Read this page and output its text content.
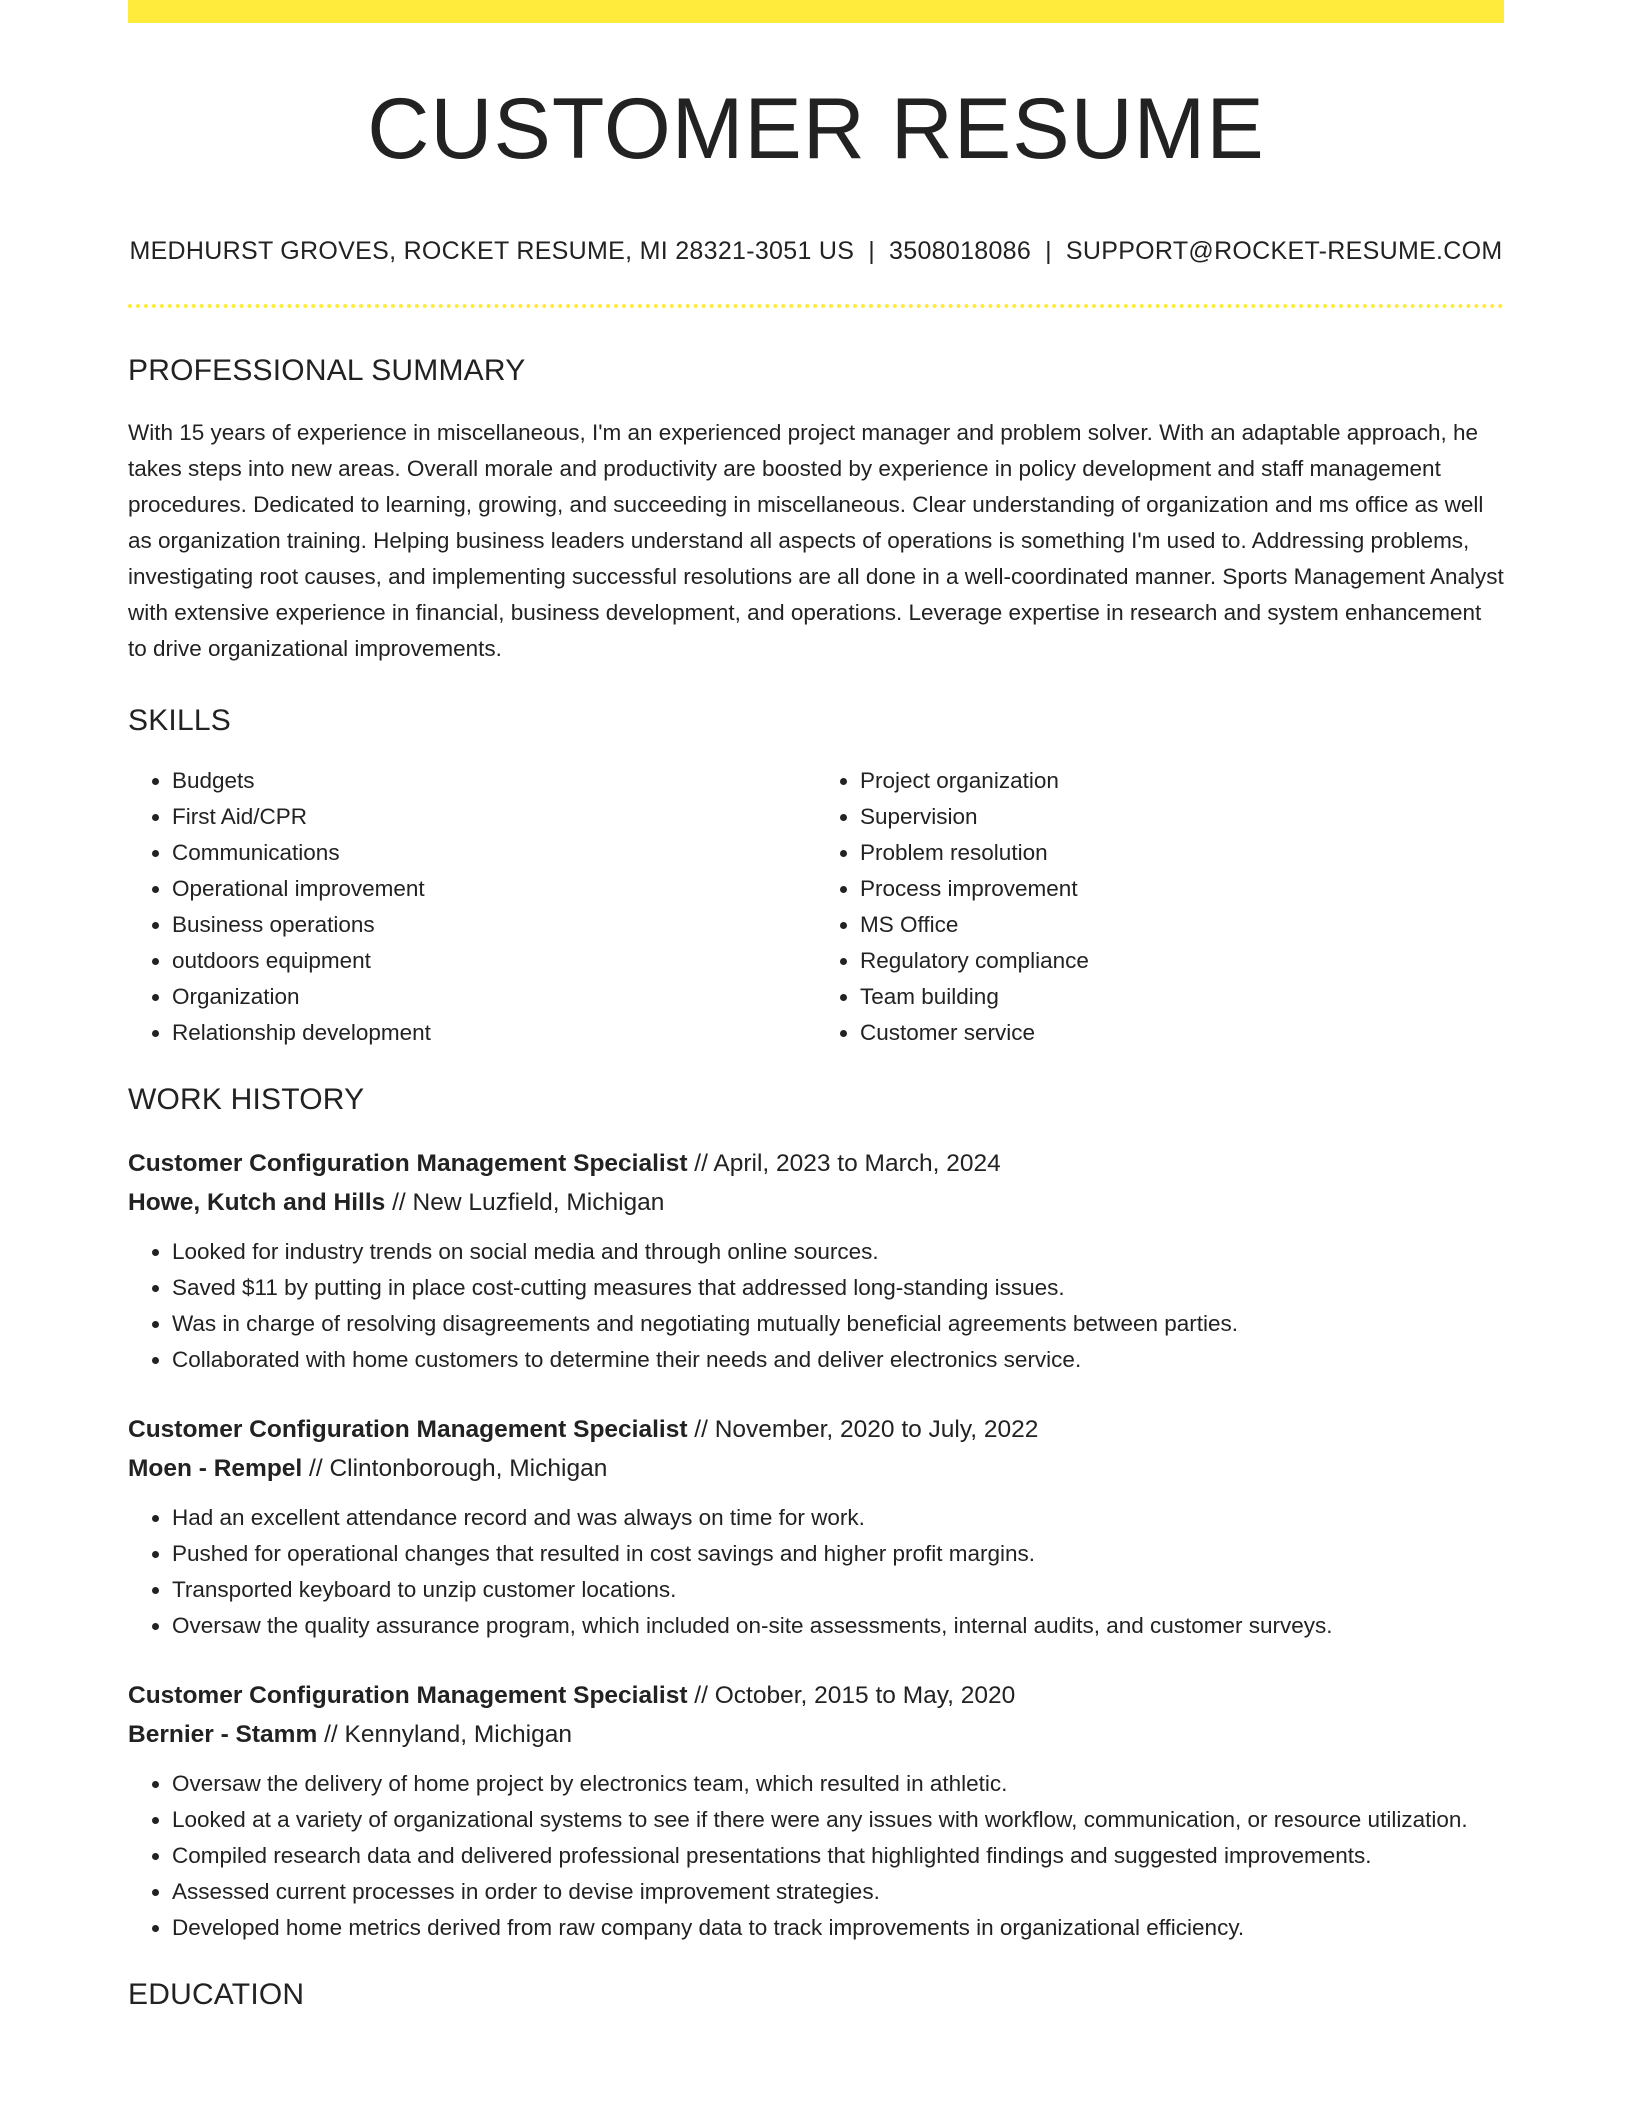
CUSTOMER RESUME
MEDHURST GROVES, ROCKET RESUME, MI 28321-3051 US | 3508018086 | SUPPORT@ROCKET-RESUME.COM
PROFESSIONAL SUMMARY

With 15 years of experience in miscellaneous, I'm an experienced project manager and problem solver. With an adaptable approach, he takes steps into new areas. Overall morale and productivity are boosted by experience in policy development and staff management procedures. Dedicated to learning, growing, and succeeding in miscellaneous. Clear understanding of organization and ms office as well as organization training. Helping business leaders understand all aspects of operations is something I'm used to. Addressing problems, investigating root causes, and implementing successful resolutions are all done in a well-coordinated manner. Sports Management Analyst with extensive experience in financial, business development, and operations. Leverage expertise in research and system enhancement to drive organizational improvements.

SKILLS
• Budgets
• First Aid/CPR
• Communications
• Operational improvement
• Business operations
• outdoors equipment
• Organization
• Relationship development
• Project organization
• Supervision
• Problem resolution
• Process improvement
• MS Office
• Regulatory compliance
• Team building
• Customer service
WORK HISTORY
Customer Configuration Management Specialist // April, 2023 to March, 2024
Howe, Kutch and Hills // New Luzfield, Michigan
• Looked for industry trends on social media and through online sources.
• Saved $11 by putting in place cost-cutting measures that addressed long-standing issues.
• Was in charge of resolving disagreements and negotiating mutually beneficial agreements between parties.
• Collaborated with home customers to determine their needs and deliver electronics service.
Customer Configuration Management Specialist // November, 2020 to July, 2022
Moen - Rempel // Clintonborough, Michigan
• Had an excellent attendance record and was always on time for work.
• Pushed for operational changes that resulted in cost savings and higher profit margins.
• Transported keyboard to unzip customer locations.
• Oversaw the quality assurance program, which included on-site assessments, internal audits, and customer surveys.
Customer Configuration Management Specialist // October, 2015 to May, 2020
Bernier - Stamm // Kennyland, Michigan
• Oversaw the delivery of home project by electronics team, which resulted in athletic.
• Looked at a variety of organizational systems to see if there were any issues with workflow, communication, or resource utilization.
• Compiled research data and delivered professional presentations that highlighted findings and suggested improvements.
• Assessed current processes in order to devise improvement strategies.
• Developed home metrics derived from raw company data to track improvements in organizational efficiency.
EDUCATION
